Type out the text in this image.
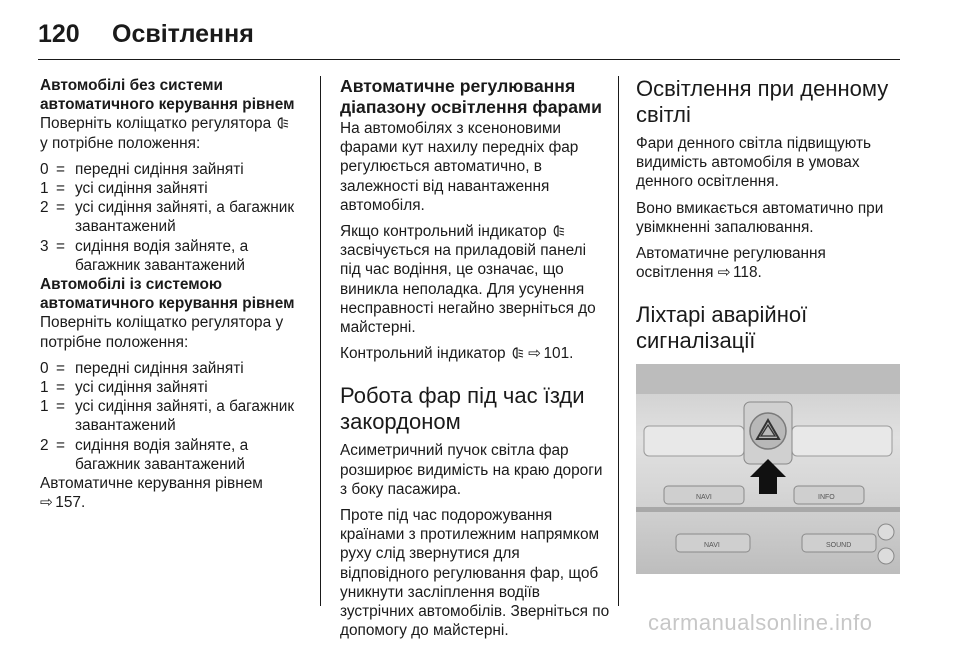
120 Освітлення

Автомобілі без системи
автоматичного керування рівнем

Поверніть коліщатко регулятора
у потрібне положення:

0 = передні сидіння зайняті
1 = усі сидіння зайняті
2 = усі сидіння зайняті, а багажник завантажений
3 = сидіння водія зайняте, а багажник завантажений

Автомобілі із системою
автоматичного керування рівнем

Поверніть коліщатко регулятора у потрібне положення:

0 = передні сидіння зайняті
1 = усі сидіння зайняті
1 = усі сидіння зайняті, а багажник завантажений
2 = сидіння водія зайняте, а багажник завантажений

Автоматичне керування рівнем
⇨ 157.

Автоматичне регулювання діапазону освітлення фарами

На автомобілях з ксеноновими фарами кут нахилу передніх фар регулюється автоматично, в залежності від навантаження автомобіля.

Якщо контрольний індикатор  засвічується на приладовій панелі під час водіння, це означає, що виникла неполадка. Для усунення несправності негайно зверніться до майстерні.

Контрольний індикатор ⇨ 101.

Робота фар під час їзди закордоном

Асиметричний пучок світла фар розширює видимість на краю дороги з боку пасажира.

Проте під час подорожування країнами з протилежним напрямком руху слід звернутися для відповідного регулювання фар, щоб уникнути засліплення водіїв зустрічних автомобілів. Зверніться по допомогу до майстерні.

Освітлення при денному світлі

Фари денного світла підвищують видимість автомобіля в умовах денного освітлення.

Воно вмикається автоматично при увімкненні запалювання.

Автоматичне регулювання освітлення ⇨ 118.

Ліхтарі аварійної сигналізації
NAVI	INFO
NAVI	SOUND
carmanualsonline.info
